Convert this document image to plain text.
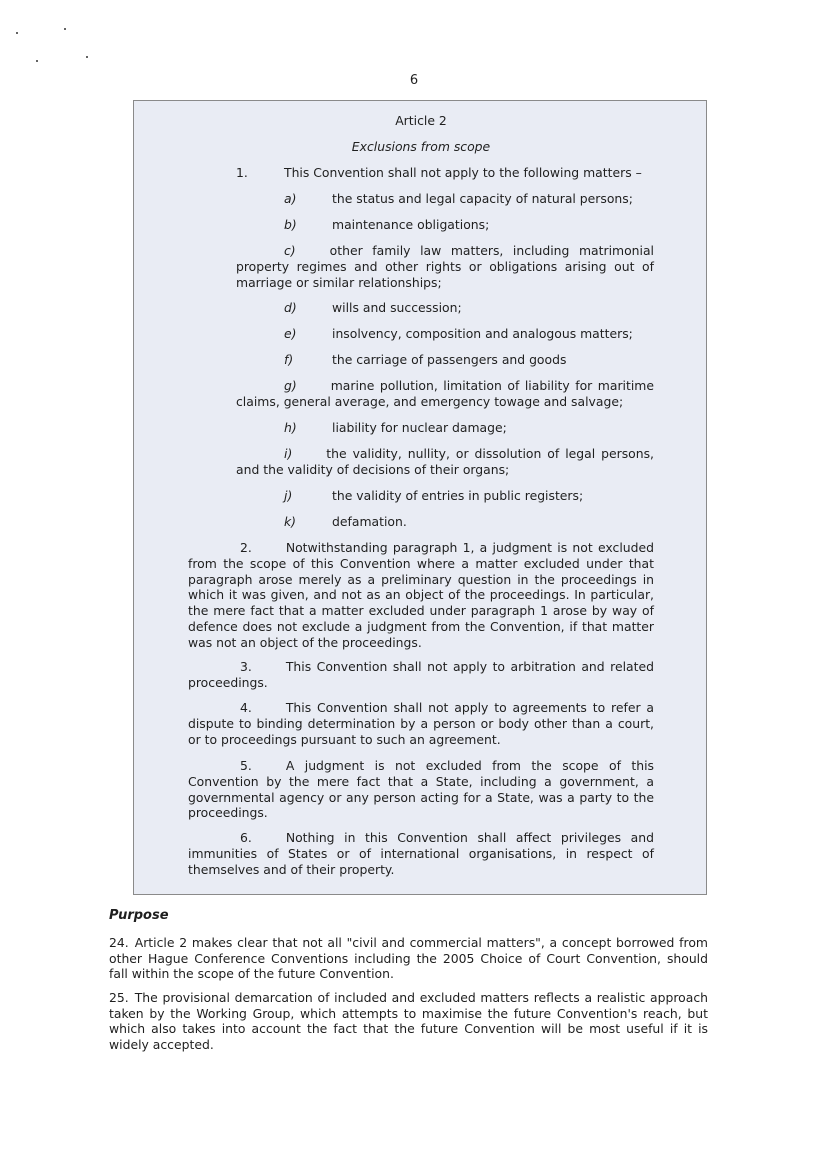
6
Article 2
Exclusions from scope
1.	This Convention shall not apply to the following matters –
a)	the status and legal capacity of natural persons;
b)	maintenance obligations;
c)	other family law matters, including matrimonial property regimes and other rights or obligations arising out of marriage or similar relationships;
d)	wills and succession;
e)	insolvency, composition and analogous matters;
f)	the carriage of passengers and goods
g)	marine pollution, limitation of liability for maritime claims, general average, and emergency towage and salvage;
h)	liability for nuclear damage;
i)	the validity, nullity, or dissolution of legal persons, and the validity of decisions of their organs;
j)	the validity of entries in public registers;
k)	defamation.
2.	Notwithstanding paragraph 1, a judgment is not excluded from the scope of this Convention where a matter excluded under that paragraph arose merely as a preliminary question in the proceedings in which it was given, and not as an object of the proceedings. In particular, the mere fact that a matter excluded under paragraph 1 arose by way of defence does not exclude a judgment from the Convention, if that matter was not an object of the proceedings.
3.	This Convention shall not apply to arbitration and related proceedings.
4.	This Convention shall not apply to agreements to refer a dispute to binding determination by a person or body other than a court, or to proceedings pursuant to such an agreement.
5.	A judgment is not excluded from the scope of this Convention by the mere fact that a State, including a government, a governmental agency or any person acting for a State, was a party to the proceedings.
6.	Nothing in this Convention shall affect privileges and immunities of States or of international organisations, in respect of themselves and of their property.
Purpose
24. Article 2 makes clear that not all "civil and commercial matters", a concept borrowed from other Hague Conference Conventions including the 2005 Choice of Court Convention, should fall within the scope of the future Convention.
25. The provisional demarcation of included and excluded matters reflects a realistic approach taken by the Working Group, which attempts to maximise the future Convention's reach, but which also takes into account the fact that the future Convention will be most useful if it is widely accepted.
